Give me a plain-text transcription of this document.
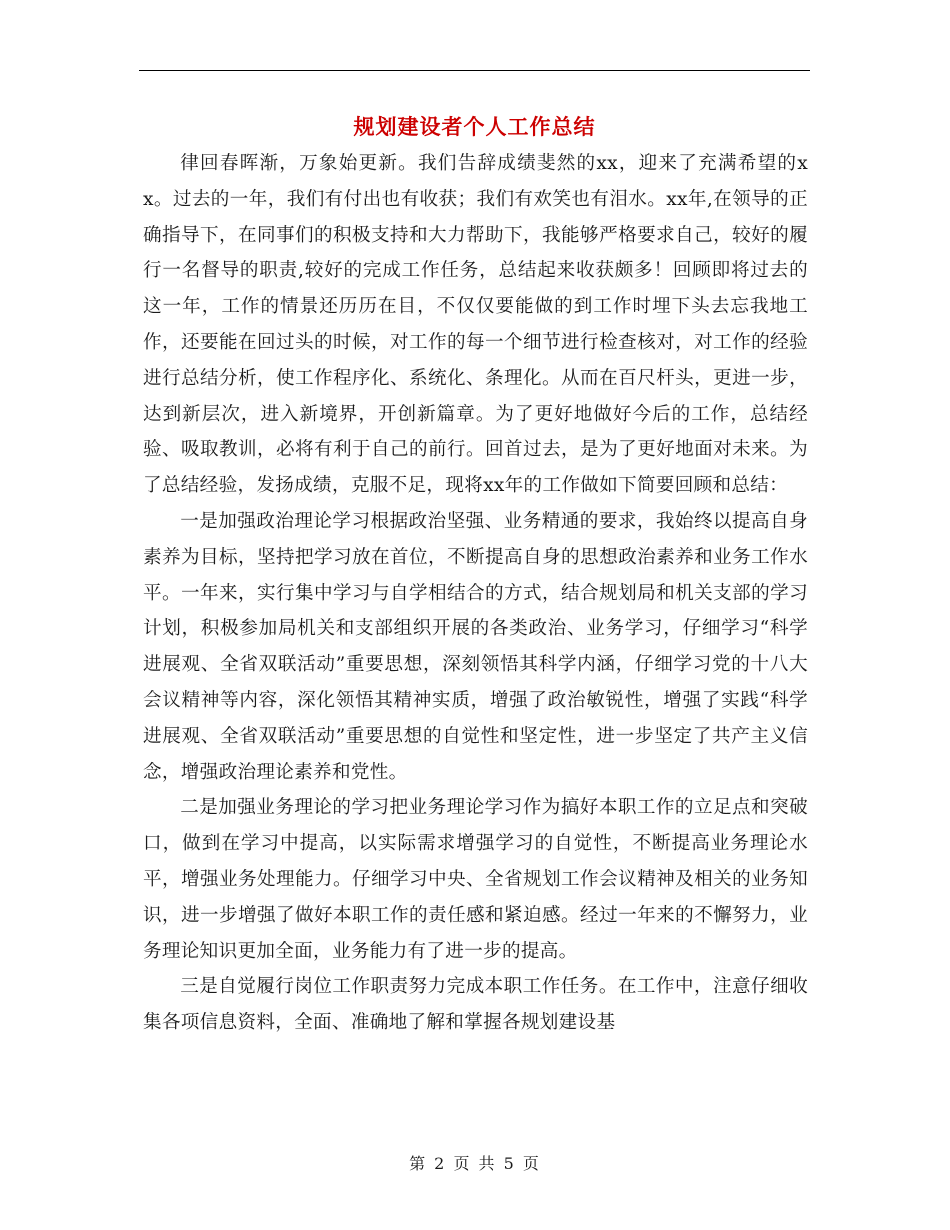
规划建设者个人工作总结

律回春晖渐，万象始更新。我们告辞成绩斐然的xx，迎来了充满希望的xx。过去的一年，我们有付出也有收获；我们有欢笑也有泪水。xx年,在领导的正确指导下，在同事们的积极支持和大力帮助下，我能够严格要求自己，较好的履行一名督导的职责,较好的完成工作任务，总结起来收获颇多！回顾即将过去的这一年，工作的情景还历历在目，不仅仅要能做的到工作时埋下头去忘我地工作，还要能在回过头的时候，对工作的每一个细节进行检查核对，对工作的经验进行总结分析，使工作程序化、系统化、条理化。从而在百尺杆头，更进一步，达到新层次，进入新境界，开创新篇章。为了更好地做好今后的工作，总结经验、吸取教训，必将有利于自己的前行。回首过去，是为了更好地面对未来。为了总结经验，发扬成绩，克服不足，现将xx年的工作做如下简要回顾和总结：

一是加强政治理论学习根据政治坚强、业务精通的要求，我始终以提高自身素养为目标，坚持把学习放在首位，不断提高自身的思想政治素养和业务工作水平。一年来，实行集中学习与自学相结合的方式，结合规划局和机关支部的学习计划，积极参加局机关和支部组织开展的各类政治、业务学习，仔细学习“科学进展观、全省双联活动”重要思想，深刻领悟其科学内涵，仔细学习党的十八大会议精神等内容，深化领悟其精神实质，增强了政治敏锐性，增强了实践“科学进展观、全省双联活动”重要思想的自觉性和坚定性，进一步坚定了共产主义信念，增强政治理论素养和党性。

二是加强业务理论的学习把业务理论学习作为搞好本职工作的立足点和突破口，做到在学习中提高，以实际需求增强学习的自觉性，不断提高业务理论水平，增强业务处理能力。仔细学习中央、全省规划工作会议精神及相关的业务知识，进一步增强了做好本职工作的责任感和紧迫感。经过一年来的不懈努力，业务理论知识更加全面，业务能力有了进一步的提高。

三是自觉履行岗位工作职责努力完成本职工作任务。在工作中，注意仔细收集各项信息资料，全面、准确地了解和掌握各规划建设基

第 2 页 共 5 页
